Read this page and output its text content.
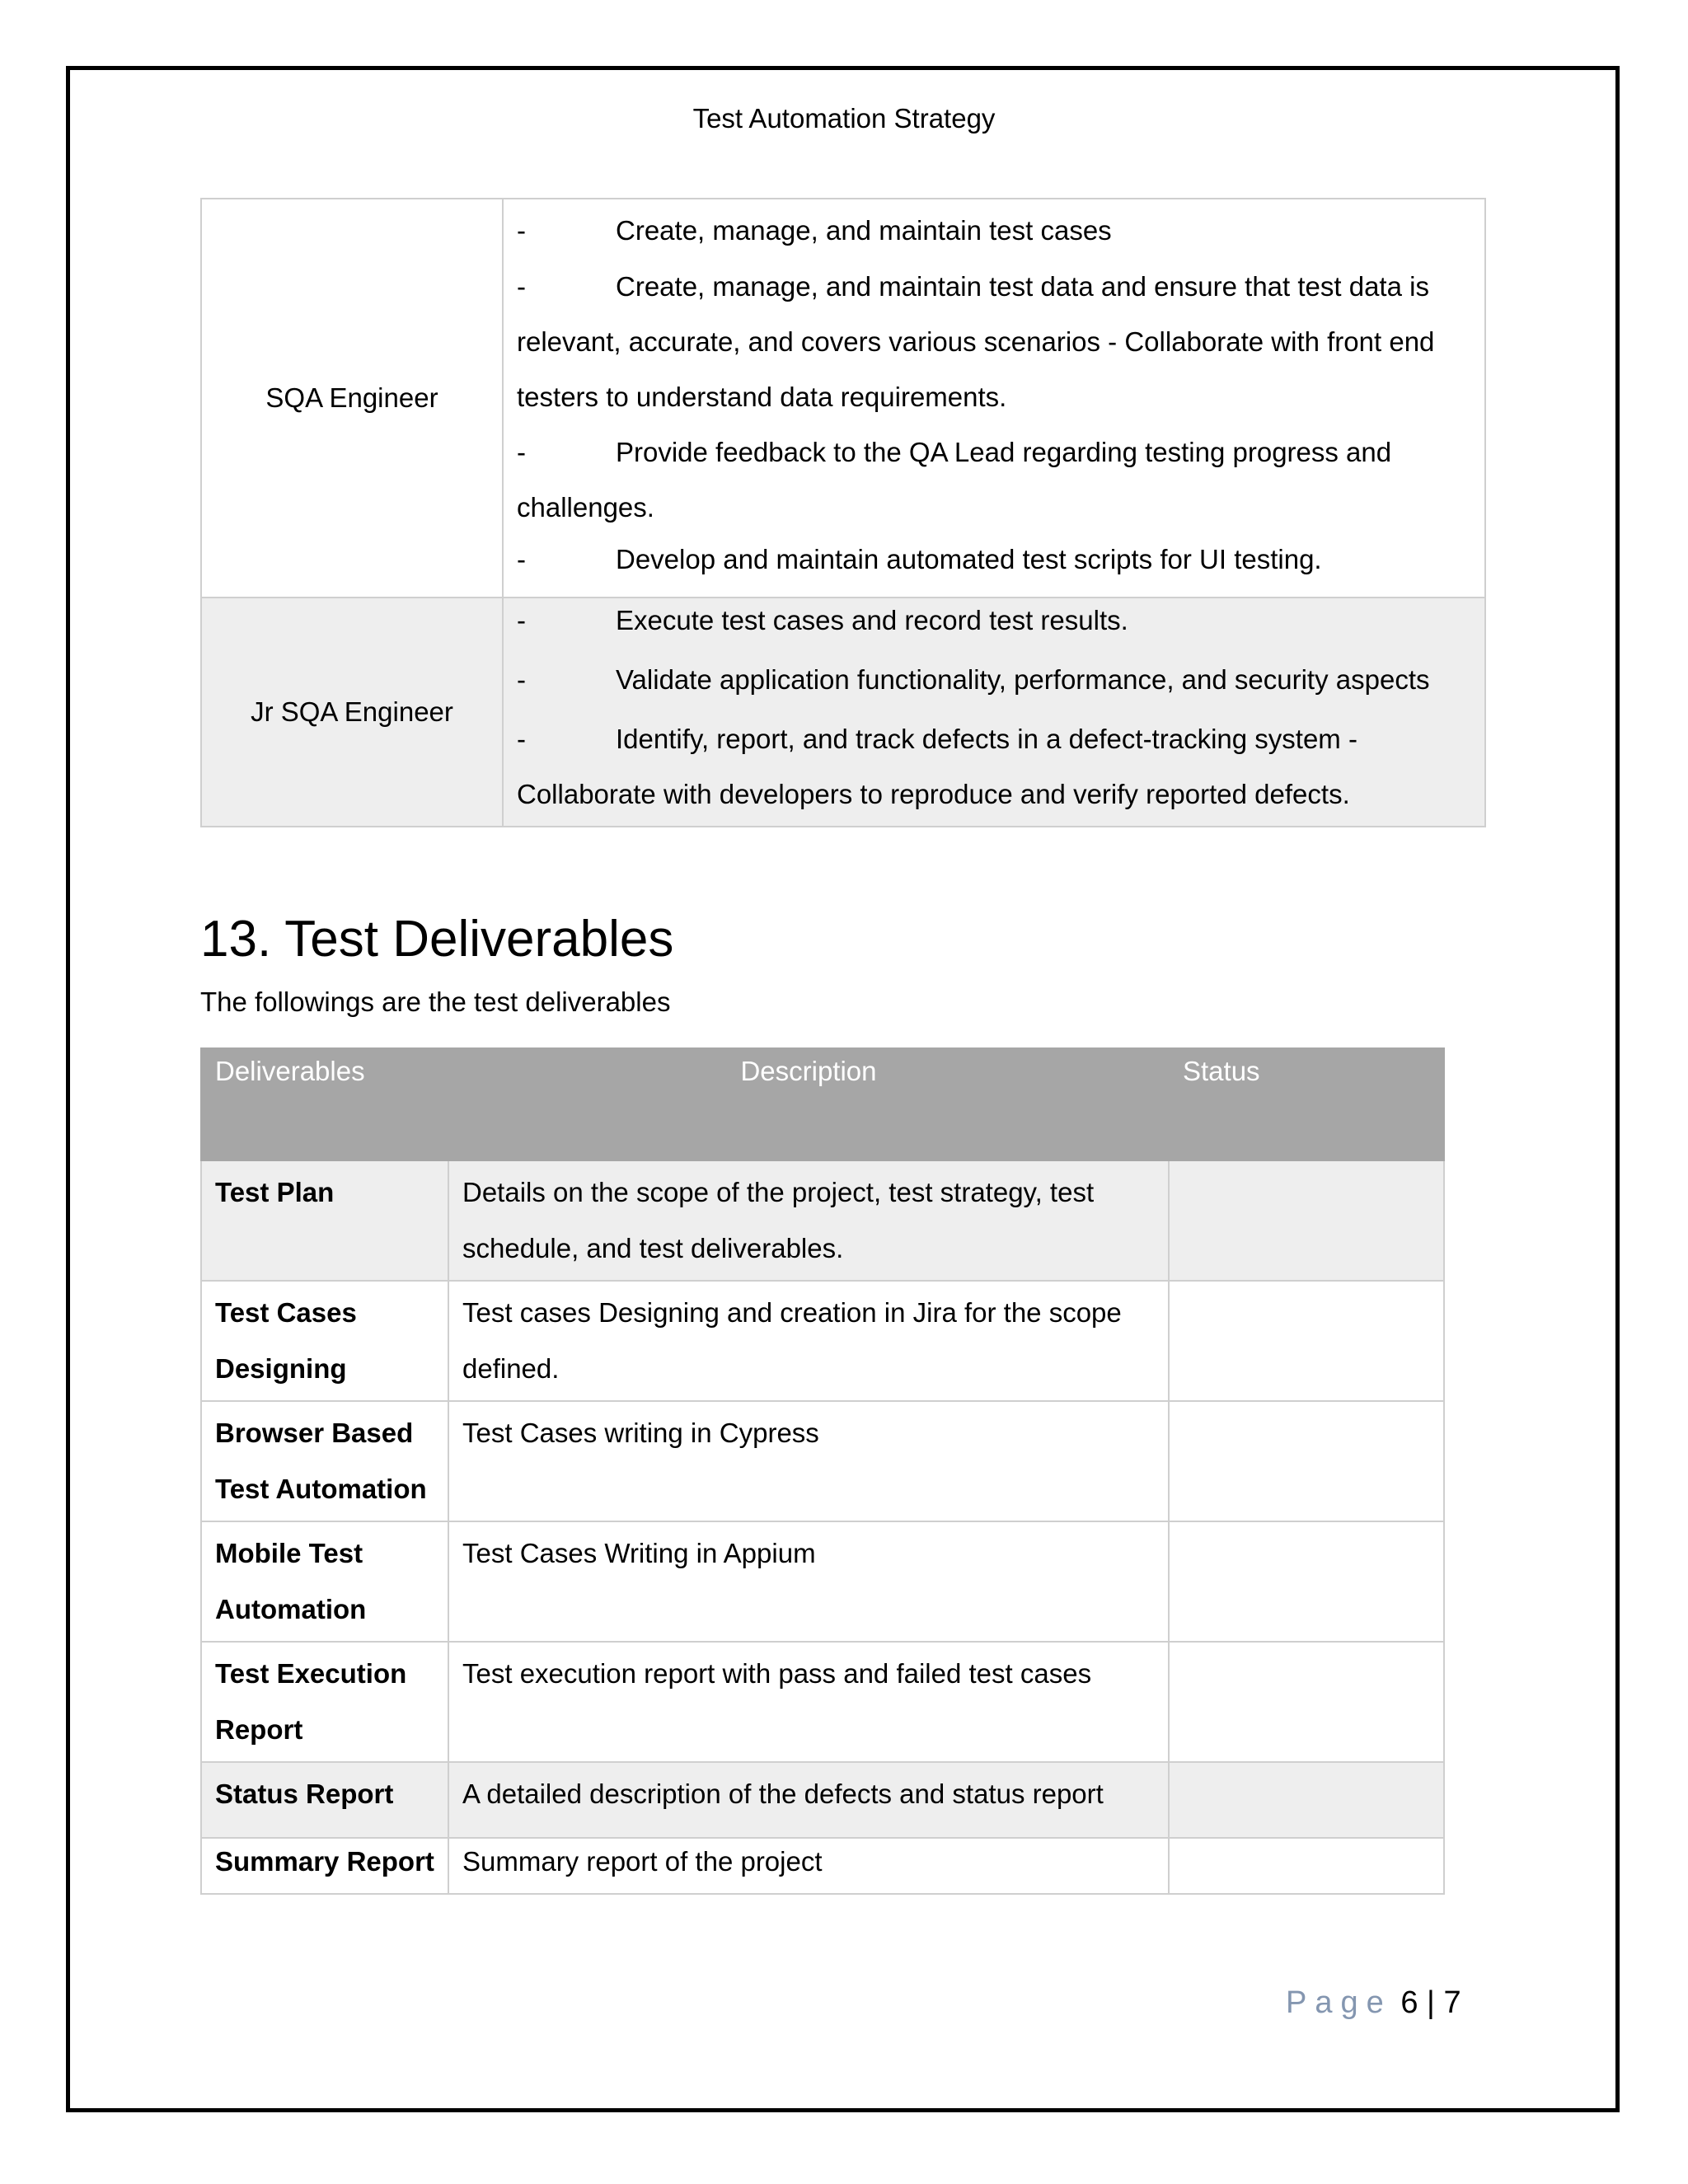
Test Automation Strategy
SQA Engineer	- Create, manage, and maintain test cases

- Create, manage, and maintain test data and ensure that test data is relevant, accurate, and covers various scenarios - Collaborate with front end testers to understand data requirements.

- Provide feedback to the QA Lead regarding testing progress and challenges.

- Develop and maintain automated test scripts for UI testing.

Jr SQA Engineer	- Execute test cases and record test results.

- Validate application functionality, performance, and security aspects

- Identify, report, and track defects in a defect-tracking system - Collaborate with developers to reproduce and verify reported defects.

13. Test Deliverables

The followings are the test deliverables

Deliverables	Description	Status
Test Plan	Details on the scope of the project, test strategy, test schedule, and test deliverables.	
Test Cases Designing	Test cases Designing and creation in Jira for the scope defined.	
Browser Based Test Automation	Test Cases writing in Cypress	
Mobile Test Automation	Test Cases Writing in Appium	
Test Execution Report	Test execution report with pass and failed test cases	
Status Report	A detailed description of the defects and status report	
Summary Report	Summary report of the project	
Page 6 | 7
